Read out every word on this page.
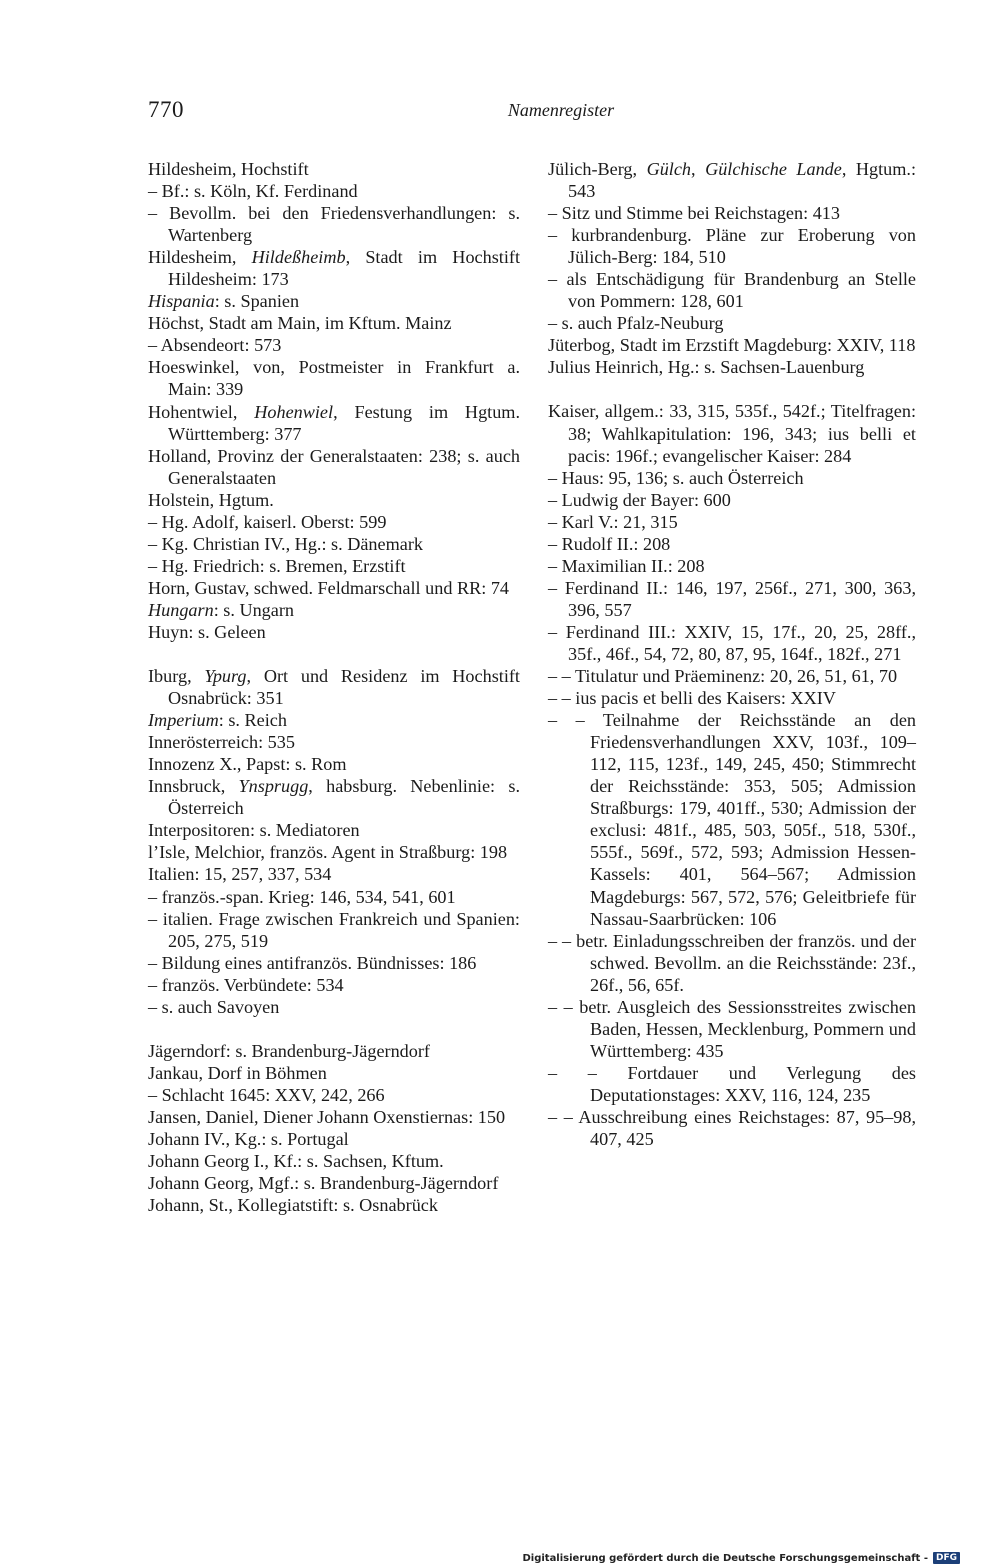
770	Namenregister

Hildesheim, Hochstift

– Bf.: s. Köln, Kf. Ferdinand

– Bevollm. bei den Friedensverhandlungen: s. Wartenberg

Hildesheim, Hildeßheimb, Stadt im Hochstift Hildesheim: 173

Hispania: s. Spanien

Höchst, Stadt am Main, im Kftum. Mainz

– Absendeort: 573

Hoeswinkel, von, Postmeister in Frankfurt a. Main: 339

Hohentwiel, Hohenwiel, Festung im Hgtum. Württemberg: 377

Holland, Provinz der Generalstaaten: 238; s. auch Generalstaaten

Holstein, Hgtum.

– Hg. Adolf, kaiserl. Oberst: 599

– Kg. Christian IV., Hg.: s. Dänemark

– Hg. Friedrich: s. Bremen, Erzstift

Horn, Gustav, schwed. Feldmarschall und RR: 74

Hungarn: s. Ungarn

Huyn: s. Geleen

Iburg, Ypurg, Ort und Residenz im Hochstift Osnabrück: 351

Imperium: s. Reich

Innerösterreich: 535

Innozenz X., Papst: s. Rom

Innsbruck, Ynsprugg, habsburg. Nebenlinie: s. Österreich

Interpositoren: s. Mediatoren

l’Isle, Melchior, französ. Agent in Straßburg: 198

Italien: 15, 257, 337, 534

– französ.-span. Krieg: 146, 534, 541, 601

– italien. Frage zwischen Frankreich und Spanien: 205, 275, 519

– Bildung eines antifranzös. Bündnisses: 186

– französ. Verbündete: 534

– s. auch Savoyen

Jägerndorf: s. Brandenburg-Jägerndorf

Jankau, Dorf in Böhmen

– Schlacht 1645: XXV, 242, 266

Jansen, Daniel, Diener Johann Oxenstiernas: 150

Johann IV., Kg.: s. Portugal

Johann Georg I., Kf.: s. Sachsen, Kftum.

Johann Georg, Mgf.: s. Brandenburg-Jägerndorf

Johann, St., Kollegiatstift: s. Osnabrück

Jülich-Berg, Gülch, Gülchische Lande, Hgtum.: 543

– Sitz und Stimme bei Reichstagen: 413

– kurbrandenburg. Pläne zur Eroberung von Jülich-Berg: 184, 510

– als Entschädigung für Brandenburg an Stelle von Pommern: 128, 601

– s. auch Pfalz-Neuburg

Jüterbog, Stadt im Erzstift Magdeburg: XXIV, 118

Julius Heinrich, Hg.: s. Sachsen-Lauenburg

Kaiser, allgem.: 33, 315, 535f., 542f.; Titelfragen: 38; Wahlkapitulation: 196, 343; ius belli et pacis: 196f.; evangelischer Kaiser: 284

– Haus: 95, 136; s. auch Österreich

– Ludwig der Bayer: 600

– Karl V.: 21, 315

– Rudolf II.: 208

– Maximilian II.: 208

– Ferdinand II.: 146, 197, 256f., 271, 300, 363, 396, 557

– Ferdinand III.: XXIV, 15, 17f., 20, 25, 28ff., 35f., 46f., 54, 72, 80, 87, 95, 164f., 182f., 271

– – Titulatur und Präeminenz: 20, 26, 51, 61, 70

– – ius pacis et belli des Kaisers: XXIV

– – Teilnahme der Reichsstände an den Friedensverhandlungen XXV, 103f., 109–112, 115, 123f., 149, 245, 450; Stimmrecht der Reichsstände: 353, 505; Admission Straßburgs: 179, 401ff., 530; Admission der exclusi: 481f., 485, 503, 505f., 518, 530f., 555f., 569f., 572, 593; Admission Hessen-Kassels: 401, 564–567; Admission Magdeburgs: 567, 572, 576; Geleitbriefe für Nassau-Saarbrücken: 106

– – betr. Einladungsschreiben der französ. und der schwed. Bevollm. an die Reichsstände: 23f., 26f., 56, 65f.

– – betr. Ausgleich des Sessionsstreites zwischen Baden, Hessen, Mecklenburg, Pommern und Württemberg: 435

– – Fortdauer und Verlegung des Deputationstages: XXV, 116, 124, 235

– – Ausschreibung eines Reichstages: 87, 95–98, 407, 425

Digitalisierung gefördert durch die Deutsche Forschungsgemeinschaft - DFG
